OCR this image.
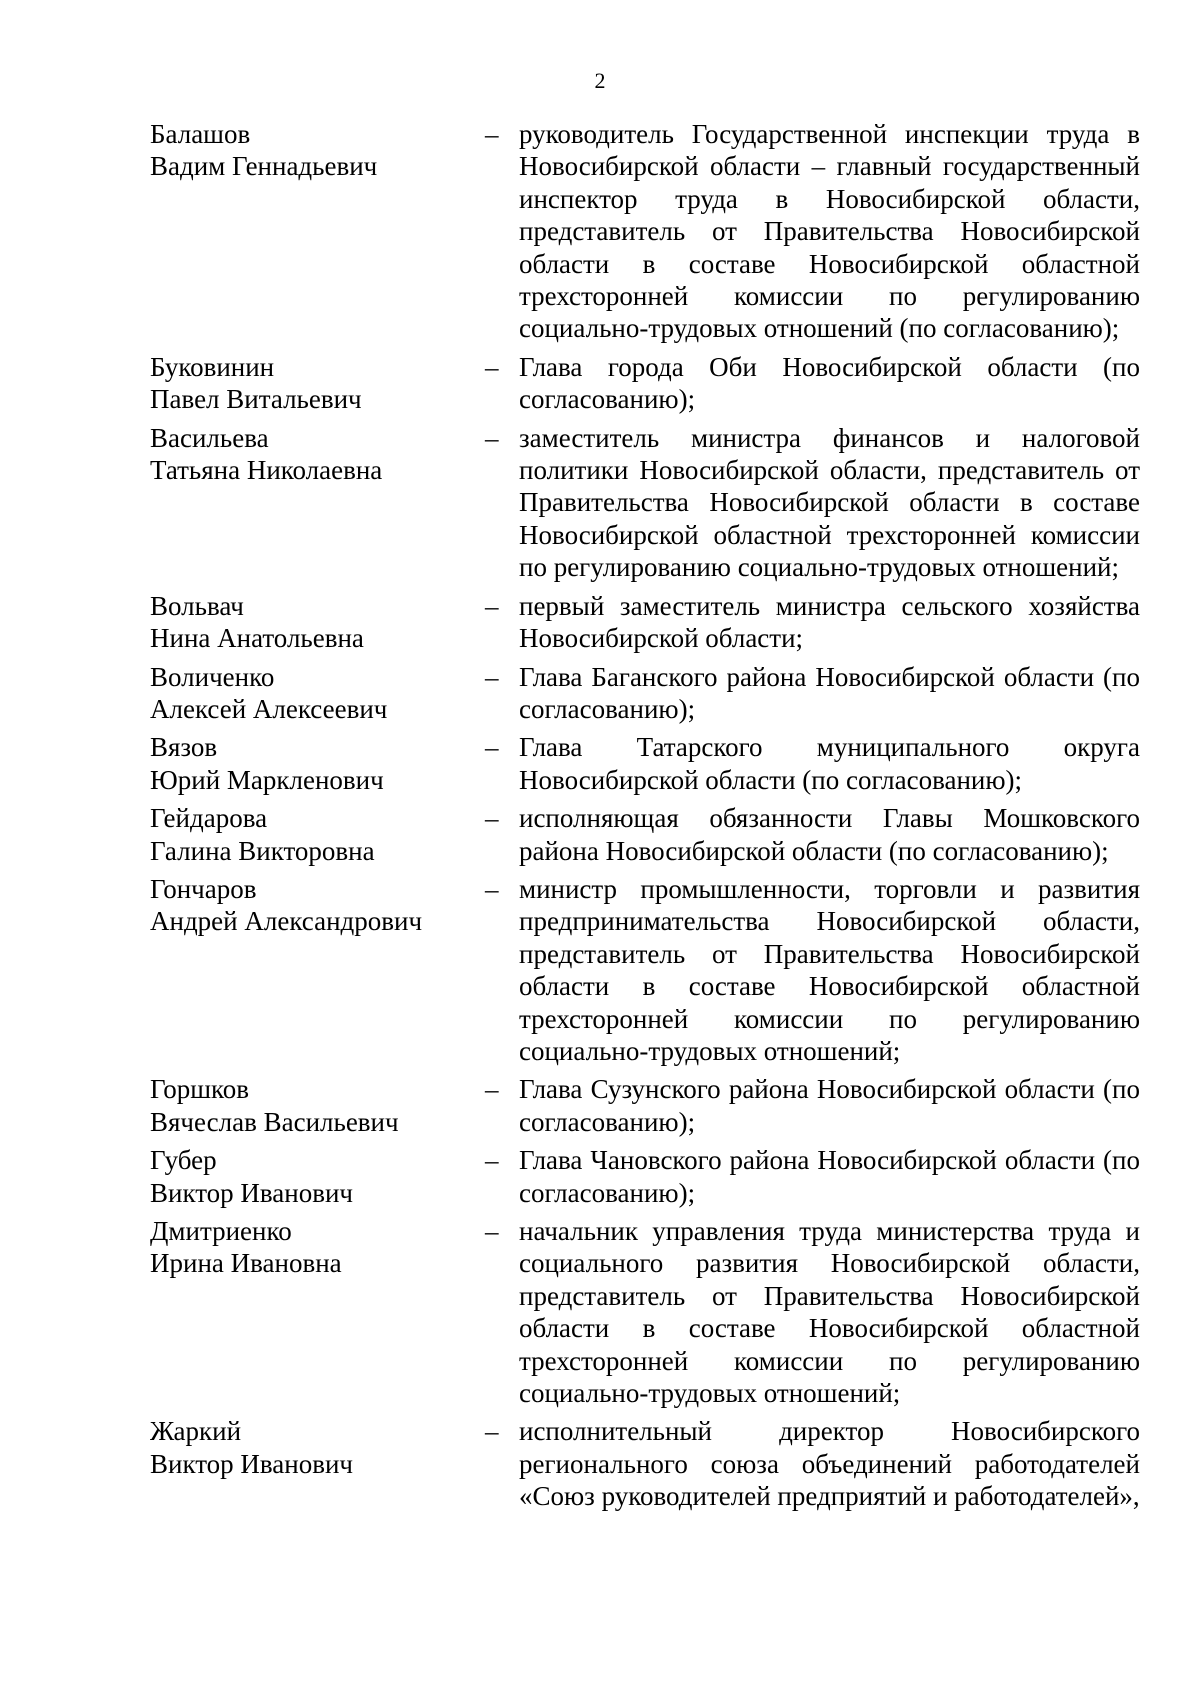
2
Балашов
Вадим Геннадьевич
– руководитель Государственной инспекции труда в Новосибирской области – главный государственный инспектор труда в Новосибирской области, представитель от Правительства Новосибирской области в составе Новосибирской областной трехсторонней комиссии по регулированию социально-трудовых отношений (по согласованию);
Буковинин
Павел Витальевич
– Глава города Оби Новосибирской области (по согласованию);
Васильева
Татьяна Николаевна
– заместитель министра финансов и налоговой политики Новосибирской области, представитель от Правительства Новосибирской области в составе Новосибирской областной трехсторонней комиссии по регулированию социально-трудовых отношений;
Вольвач
Нина Анатольевна
– первый заместитель министра сельского хозяйства Новосибирской области;
Воличенко
Алексей Алексеевич
– Глава Баганского района Новосибирской области (по согласованию);
Вязов
Юрий Маркленович
– Глава Татарского муниципального округа Новосибирской области (по согласованию);
Гейдарова
Галина Викторовна
– исполняющая обязанности Главы Мошковского района Новосибирской области (по согласованию);
Гончаров
Андрей Александрович
– министр промышленности, торговли и развития предпринимательства Новосибирской области, представитель от Правительства Новосибирской области в составе Новосибирской областной трехсторонней комиссии по регулированию социально-трудовых отношений;
Горшков
Вячеслав Васильевич
– Глава Сузунского района Новосибирской области (по согласованию);
Губер
Виктор Иванович
– Глава Чановского района Новосибирской области (по согласованию);
Дмитриенко
Ирина Ивановна
– начальник управления труда министерства труда и социального развития Новосибирской области, представитель от Правительства Новосибирской области в составе Новосибирской областной трехсторонней комиссии по регулированию социально-трудовых отношений;
Жаркий
Виктор Иванович
– исполнительный директор Новосибирского регионального союза объединений работодателей «Союз руководителей предприятий и работодателей»,
